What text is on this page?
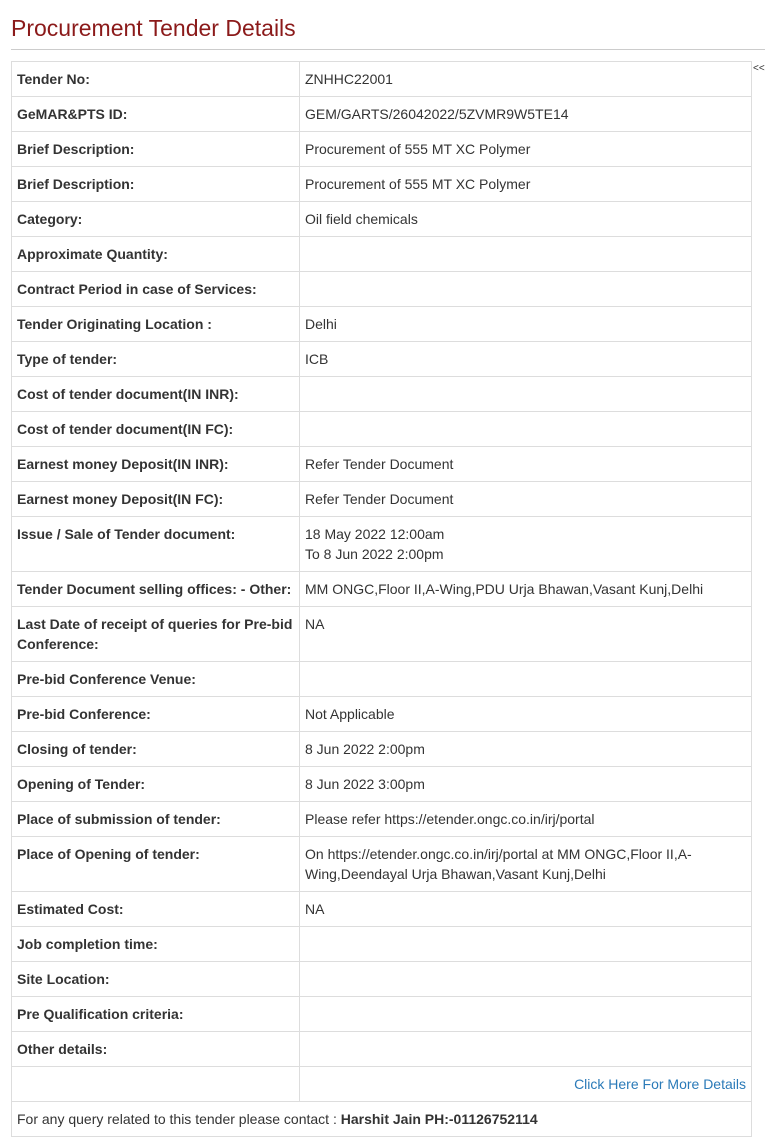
Procurement Tender Details
<<
Tender No:	ZNHHC22001
GeMAR&PTS ID:	GEM/GARTS/26042022/5ZVMR9W5TE14
Brief Description:	Procurement of 555 MT XC Polymer
Brief Description:	Procurement of 555 MT XC Polymer
Category:	Oil field chemicals
Approximate Quantity:	
Contract Period in case of Services:	
Tender Originating Location :	Delhi
Type of tender:	ICB
Cost of tender document(IN INR):	
Cost of tender document(IN FC):	
Earnest money Deposit(IN INR):	Refer Tender Document
Earnest money Deposit(IN FC):	Refer Tender Document
Issue / Sale of Tender document:	18 May 2022 12:00am
To 8 Jun 2022 2:00pm

Tender Document selling offices: - Other:	MM ONGC,Floor II,A-Wing,PDU Urja Bhawan,Vasant Kunj,Delhi
Last Date of receipt of queries for Pre-bid Conference:	NA
Pre-bid Conference Venue:	
Pre-bid Conference:	Not Applicable
Closing of tender:	8 Jun 2022 2:00pm
Opening of Tender:	8 Jun 2022 3:00pm
Place of submission of tender:	Please refer https://etender.ongc.co.in/irj/portal
Place of Opening of tender:	On https://etender.ongc.co.in/irj/portal at MM ONGC,Floor II,A-Wing,Deendayal Urja Bhawan,Vasant Kunj,Delhi
Estimated Cost:	NA
Job completion time:	
Site Location:	
Pre Qualification criteria:	
Other details:	
	Click Here For More Details
For any query related to this tender please contact : Harshit Jain PH:-01126752114	
